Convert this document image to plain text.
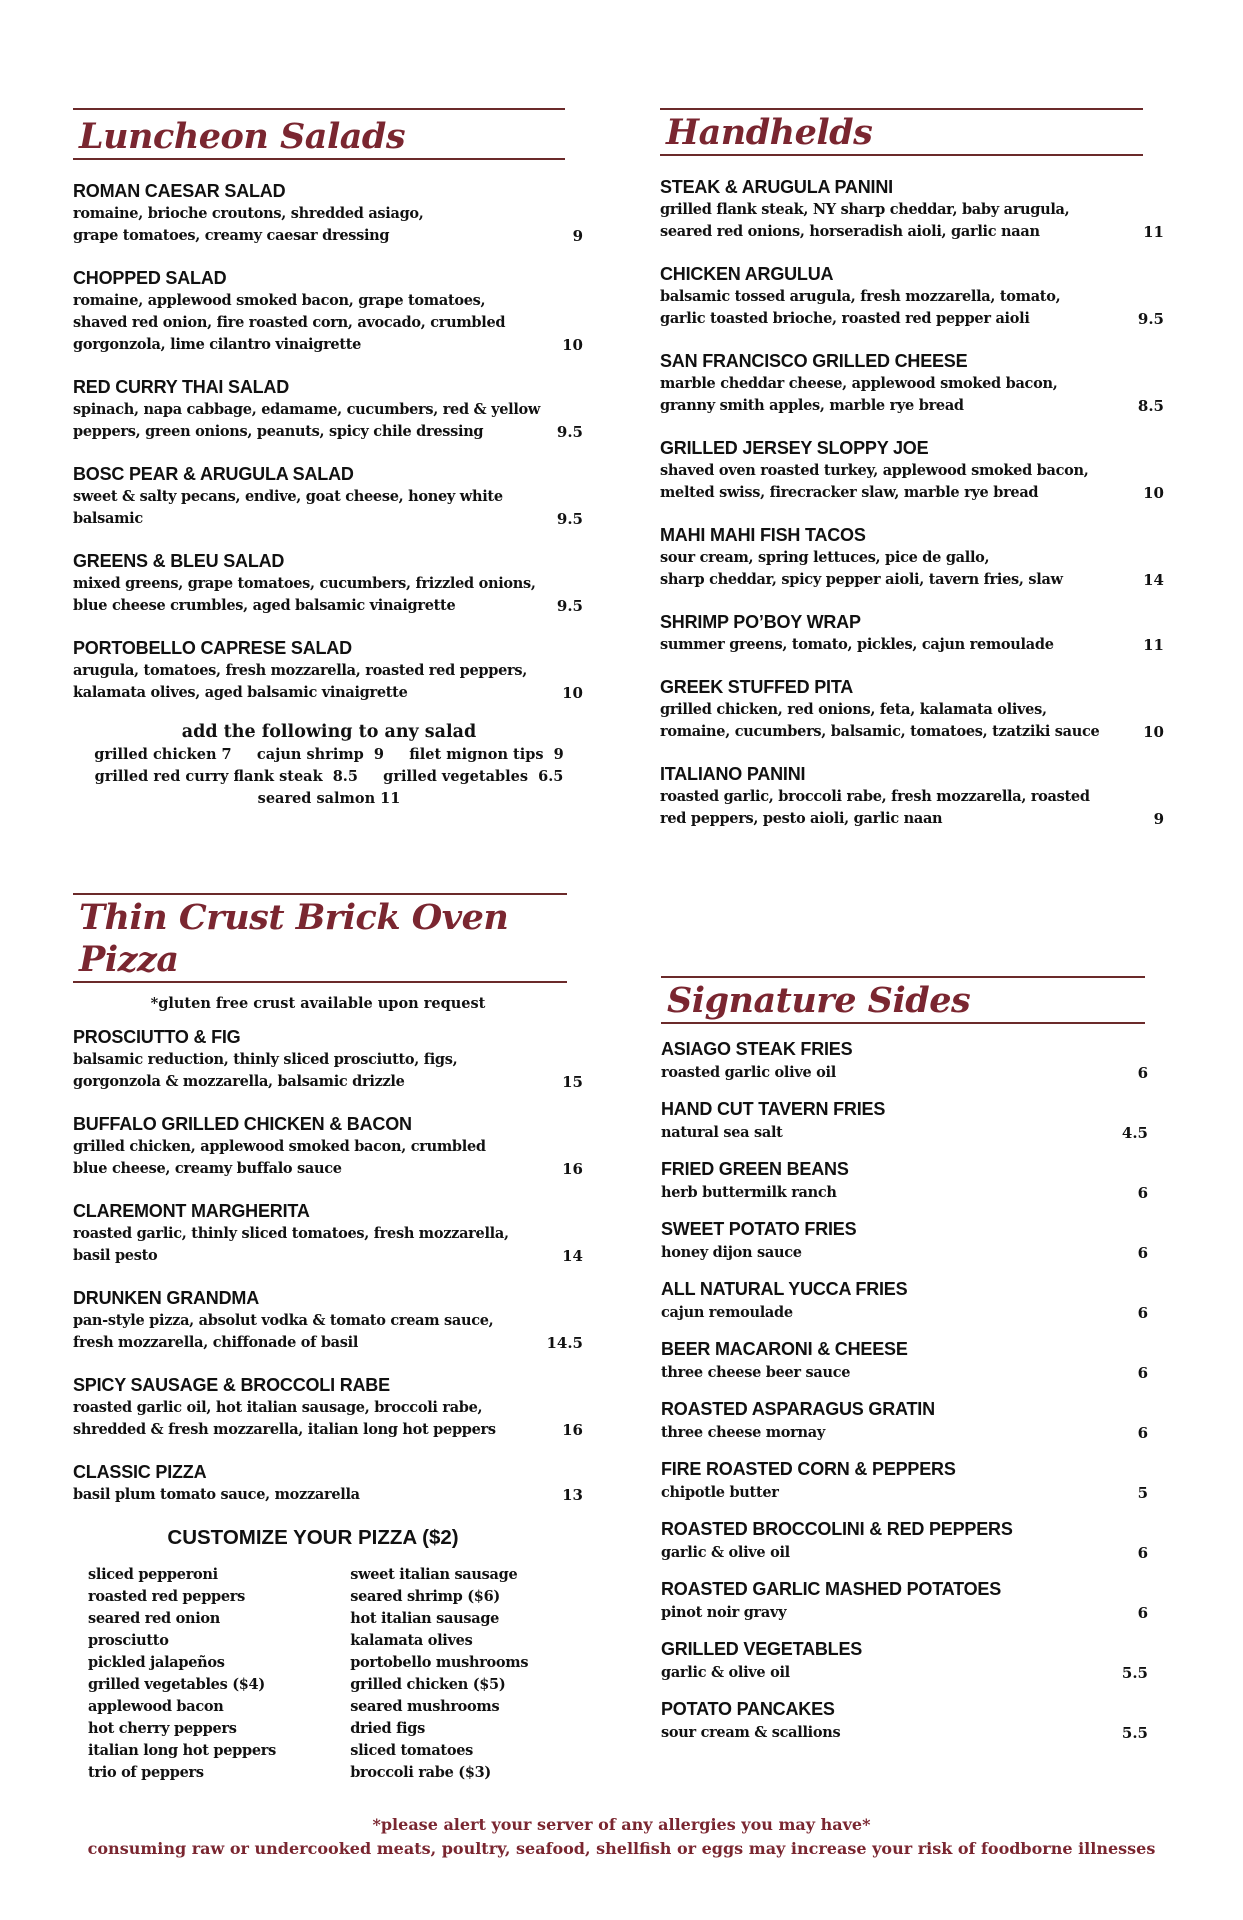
Luncheon Salads
ROMAN CAESAR SALAD
romaine, brioche croutons, shredded asiago,
grape tomatoes, creamy caesar dressing	9
CHOPPED SALAD
romaine, applewood smoked bacon, grape tomatoes,
shaved red onion, fire roasted corn, avocado, crumbled
gorgonzola, lime cilantro vinaigrette	10
RED CURRY THAI SALAD
spinach, napa cabbage, edamame, cucumbers, red & yellow
peppers, green onions, peanuts, spicy chile dressing	9.5
BOSC PEAR & ARUGULA SALAD
sweet & salty pecans, endive, goat cheese, honey white
balsamic	9.5
GREENS & BLEU SALAD
mixed greens, grape tomatoes, cucumbers, frizzled onions,
blue cheese crumbles, aged balsamic vinaigrette	9.5
PORTOBELLO CAPRESE SALAD
arugula, tomatoes, fresh mozzarella, roasted red peppers,
kalamata olives, aged balsamic vinaigrette	10
add the following to any salad
grilled chicken 7     cajun shrimp  9     filet mignon tips  9
grilled red curry flank steak  8.5     grilled vegetables  6.5
seared salmon 11
Handhelds
STEAK & ARUGULA PANINI
grilled flank steak, NY sharp cheddar, baby arugula,
seared red onions, horseradish aioli, garlic naan	11
CHICKEN ARGULUA
balsamic tossed arugula, fresh mozzarella, tomato,
garlic toasted brioche, roasted red pepper aioli	9.5
SAN FRANCISCO GRILLED CHEESE
marble cheddar cheese, applewood smoked bacon,
granny smith apples, marble rye bread	8.5
GRILLED JERSEY SLOPPY JOE
shaved oven roasted turkey, applewood smoked bacon,
melted swiss, firecracker slaw, marble rye bread	10
MAHI MAHI FISH TACOS
sour cream, spring lettuces, pice de gallo,
sharp cheddar, spicy pepper aioli, tavern fries, slaw	14
SHRIMP PO’BOY WRAP
summer greens, tomato, pickles, cajun remoulade	11
GREEK STUFFED PITA
grilled chicken, red onions, feta, kalamata olives,
romaine, cucumbers, balsamic, tomatoes, tzatziki sauce	10
ITALIANO PANINI
roasted garlic, broccoli rabe, fresh mozzarella, roasted
red peppers, pesto aioli, garlic naan	9
Thin Crust Brick Oven Pizza
*gluten free crust available upon request
PROSCIUTTO & FIG
balsamic reduction, thinly sliced prosciutto, figs,
gorgonzola & mozzarella, balsamic drizzle	15
BUFFALO GRILLED CHICKEN & BACON
grilled chicken, applewood smoked bacon, crumbled
blue cheese, creamy buffalo sauce	16
CLAREMONT MARGHERITA
roasted garlic, thinly sliced tomatoes, fresh mozzarella,
basil pesto	14
DRUNKEN GRANDMA
pan-style pizza, absolut vodka & tomato cream sauce,
fresh mozzarella, chiffonade of basil	14.5
SPICY SAUSAGE & BROCCOLI RABE
roasted garlic oil, hot italian sausage, broccoli rabe,
shredded & fresh mozzarella, italian long hot peppers	16
CLASSIC PIZZA
basil plum tomato sauce, mozzarella	13
CUSTOMIZE YOUR PIZZA ($2)
sliced pepperoni
roasted red peppers
seared red onion
prosciutto
pickled jalapeños
grilled vegetables ($4)
applewood bacon
hot cherry peppers
italian long hot peppers
trio of peppers
sweet italian sausage
seared shrimp ($6)
hot italian sausage
kalamata olives
portobello mushrooms
grilled chicken ($5)
seared mushrooms
dried figs
sliced tomatoes
broccoli rabe ($3)
Signature Sides
ASIAGO STEAK FRIES
roasted garlic olive oil	6
HAND CUT TAVERN FRIES
natural sea salt	4.5
FRIED GREEN BEANS
herb buttermilk ranch	6
SWEET POTATO FRIES
honey dijon sauce	6
ALL NATURAL YUCCA FRIES
cajun remoulade	6
BEER MACARONI & CHEESE
three cheese beer sauce	6
ROASTED ASPARAGUS GRATIN
three cheese mornay	6
FIRE ROASTED CORN & PEPPERS
chipotle butter	5
ROASTED BROCCOLINI & RED PEPPERS
garlic & olive oil	6
ROASTED GARLIC MASHED POTATOES
pinot noir gravy	6
GRILLED VEGETABLES
garlic & olive oil	5.5
POTATO PANCAKES
sour cream & scallions	5.5
*please alert your server of any allergies you may have*
consuming raw or undercooked meats, poultry, seafood, shellfish or eggs may increase your risk of foodborne illnesses
